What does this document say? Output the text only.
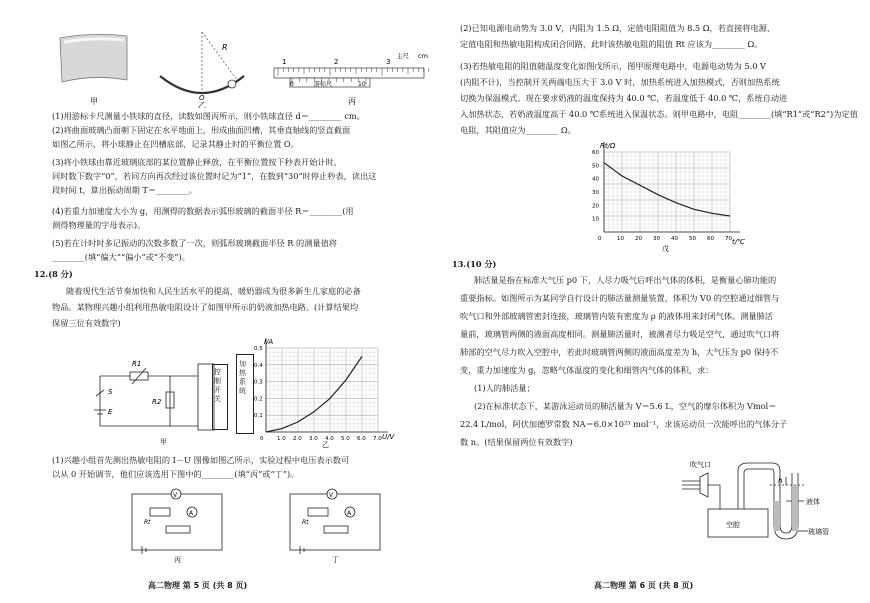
甲
R
O
乙
1	2	3
主尺 cm
0	游标尺	10
丙
(1)用游标卡尺测量小铁球的直径，读数如图丙所示，则小铁球直径 d＝________ cm。
(2)将曲面玻璃凸面朝下固定在水平地面上，形成曲面凹槽，其垂直轴线的竖直截面
如图乙所示，将小球静止在凹槽底部，记录其静止时的平衡位置 O。
(3)将小铁球由靠近玻璃底部的某位置静止释放，在平衡位置按下秒表开始计时，
同时数下数字“0”，若同方向再次经过该位置时记为“1”，在数到“30”时停止秒表，读出这
段时间 t，算出振动周期 T＝________。
(4)若重力加速度大小为 g，用测得的数据表示弧形玻璃的截面半径 R＝________(用
测得物理量的字母表示)。
(5)若在计时时多记振动的次数多数了一次，则弧形玻璃截面半径 R 的测量值将
________(填“偏大”“偏小”或“不变”)。
12.(8 分)
随着现代生活节奏加快和人民生活水平的提高，暖奶器成为很多新生儿家庭的必备
物品。某物理兴趣小组利用热敏电阻设计了如图甲所示的奶液加热电路。(计算结果均
保留三位有效数字)
R1
R2
S
E
甲
控制开关
加热系统
1.0 2.0 3.0 4.0 5.0 6.0 7.0
0
0.5
0.4
0.3
0.2
0.1
I/A
U/V
乙
(1)兴趣小组首先测出热敏电阻的 I－U 图像如图乙所示，实验过程中电压表示数可
以从 0 开始调节，他们应该选用下图中的________(填“丙”或“丁”)。
V
A
Rt
丙
V
A
Rt
丁
高二物理 第 5 页 (共 8 页)
(2)已知电源电动势为 3.0 V，内阻为 1.5 Ω，定值电阻阻值为 8.5 Ω，若直接将电源、
定值电阻和热敏电阻构成闭合回路，此时该热敏电阻的阻值 Rt 应该为________ Ω。
(3)若热敏电阻的阻值随温度变化如图戊所示，图甲原理电路中，电源电动势为 5.0 V
(内阻不计)，当控制开关两端电压大于 3.0 V 时，加热系统进入加热模式，否则加热系统
切换为保温模式。现在要求奶液的温度保持为 40.0 ℃，若温度低于 40.0 ℃，系统自动进
入加热状态，若奶液温度高于 40.0 ℃系统进入保温状态。则甲电路中，电阻________(填“R1”或“R2”)为定值
电阻，其阻值应为________ Ω。
10 20 30 40 50 60 70
0
60
50
40
30
20
10
Rt/Ω
t/℃
戊
13.(10 分)
肺活量是指在标准大气压 p0 下，人尽力吸气后呼出气体的体积，是衡量心肺功能的
重要指标。如图所示为某同学自行设计的肺活量测量装置，体积为 V0 的空腔通过细管与
吹气口和外部玻璃管密封连接，玻璃管内装有密度为 ρ 的液体用来封闭气体。测量肺活
量前，玻璃管两侧的液面高度相同。测量肺活量时，被测者尽力吸足空气，通过吹气口将
肺部的空气尽力吹入空腔中，若此时玻璃管两侧的液面高度差为 h，大气压为 p0 保持不
变，重力加速度为 g，忽略气体温度的变化和细管内气体的体积，求：
(1)人的肺活量；
(2)在标准状态下，某游泳运动员的肺活量为 V＝5.6 L，空气的摩尔体积为 Vmol＝
22.4 L/mol，阿伏加德罗常数 NA＝6.0×10²³ mol⁻¹，求该运动员一次能呼出的气体分子
数 n。(结果保留两位有效数字)
吹气口
h
液体
空腔
玻璃管
高二物理 第 6 页 (共 8 页)
